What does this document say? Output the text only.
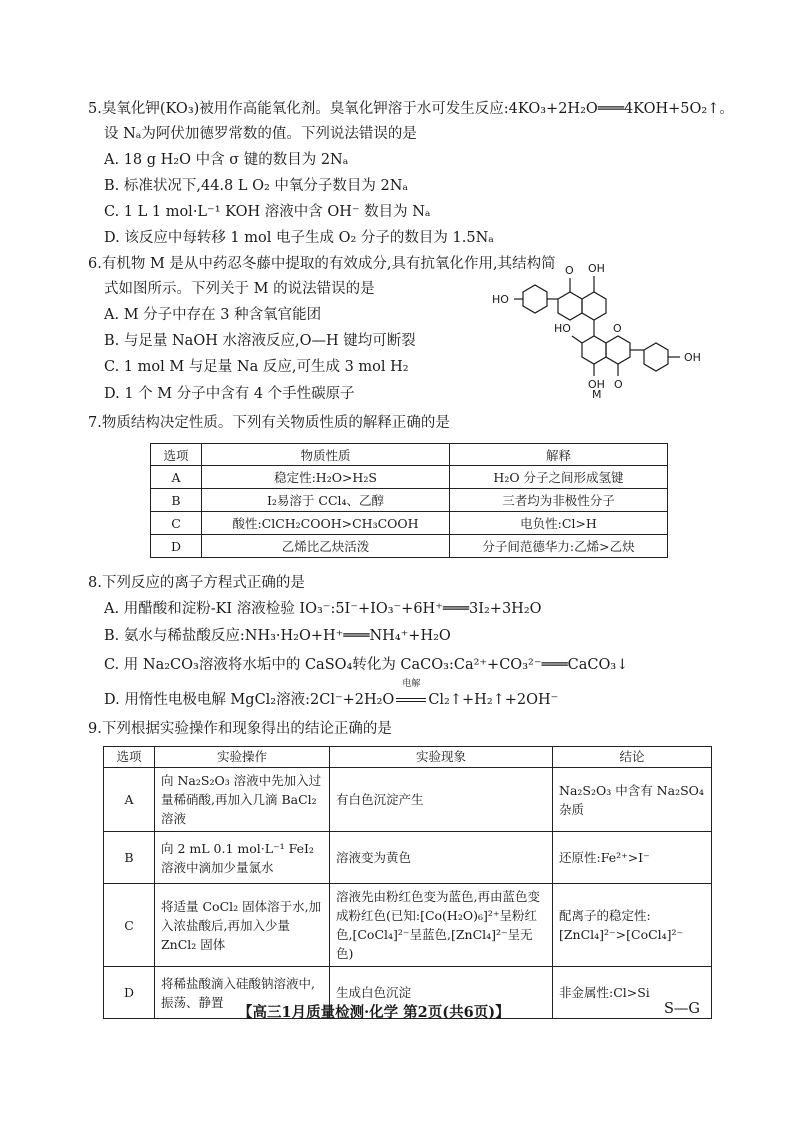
5.臭氧化钾(KO₃)被用作高能氧化剂。臭氧化钾溶于水可发生反应:4KO₃+2H₂O═══4KOH+5O₂↑。
设 Nₐ为阿伏加德罗常数的值。下列说法错误的是
A. 18 g H₂O 中含 σ 键的数目为 2Nₐ
B. 标准状况下,44.8 L O₂ 中氧分子数目为 2Nₐ
C. 1 L 1 mol·L⁻¹ KOH 溶液中含 OH⁻ 数目为 Nₐ
D. 该反应中每转移 1 mol 电子生成 O₂ 分子的数目为 1.5Nₐ
6.有机物 M 是从中药忍冬藤中提取的有效成分,具有抗氧化作用,其结构简
式如图所示。下列关于 M 的说法错误的是
A. M 分子中存在 3 种含氧官能团
B. 与足量 NaOH 水溶液反应,O—H 键均可断裂
C. 1 mol M 与足量 Na 反应,可生成 3 mol H₂
D. 1 个 M 分子中含有 4 个手性碳原子
HO
O OH
HO	O
OH
OH O
M
7.物质结构决定性质。下列有关物质性质的解释正确的是
选项	物质性质	解释
A	稳定性:H₂O>H₂S	H₂O 分子之间形成氢键
B	I₂易溶于 CCl₄、乙醇	三者均为非极性分子
C	酸性:ClCH₂COOH>CH₃COOH	电负性:Cl>H
D	乙烯比乙炔活泼	分子间范德华力:乙烯>乙炔
8.下列反应的离子方程式正确的是
A. 用醋酸和淀粉-KI 溶液检验 IO₃⁻:5I⁻+IO₃⁻+6H⁺═══3I₂+3H₂O
B. 氨水与稀盐酸反应:NH₃·H₂O+H⁺═══NH₄⁺+H₂O
C. 用 Na₂CO₃溶液将水垢中的 CaSO₄转化为 CaCO₃:Ca²⁺+CO₃²⁻═══CaCO₃↓
D. 用惰性电极电解 MgCl₂溶液:2Cl⁻+2H₂O
电解
Cl₂↑+H₂↑+2OH⁻
9.下列根据实验操作和现象得出的结论正确的是
选项	实验操作	实验现象	结论
A	向 Na₂S₂O₃ 溶液中先加入过量稀硝酸,再加入几滴 BaCl₂ 溶液	有白色沉淀产生	Na₂S₂O₃ 中含有 Na₂SO₄杂质
B	向 2 mL 0.1 mol·L⁻¹ FeI₂溶液中滴加少量氯水	溶液变为黄色	还原性:Fe²⁺>I⁻
C	将适量 CoCl₂ 固体溶于水,加入浓盐酸后,再加入少量 ZnCl₂ 固体	溶液先由粉红色变为蓝色,再由蓝色变成粉红色(已知:[Co(H₂O)₆]²⁺呈粉红色,[CoCl₄]²⁻呈蓝色,[ZnCl₄]²⁻呈无色)	配离子的稳定性:[ZnCl₄]²⁻>[CoCl₄]²⁻
D	将稀盐酸滴入硅酸钠溶液中,振荡、静置	生成白色沉淀	非金属性:Cl>Si
【高三1月质量检测·化学 第2页(共6页)】	S—G
